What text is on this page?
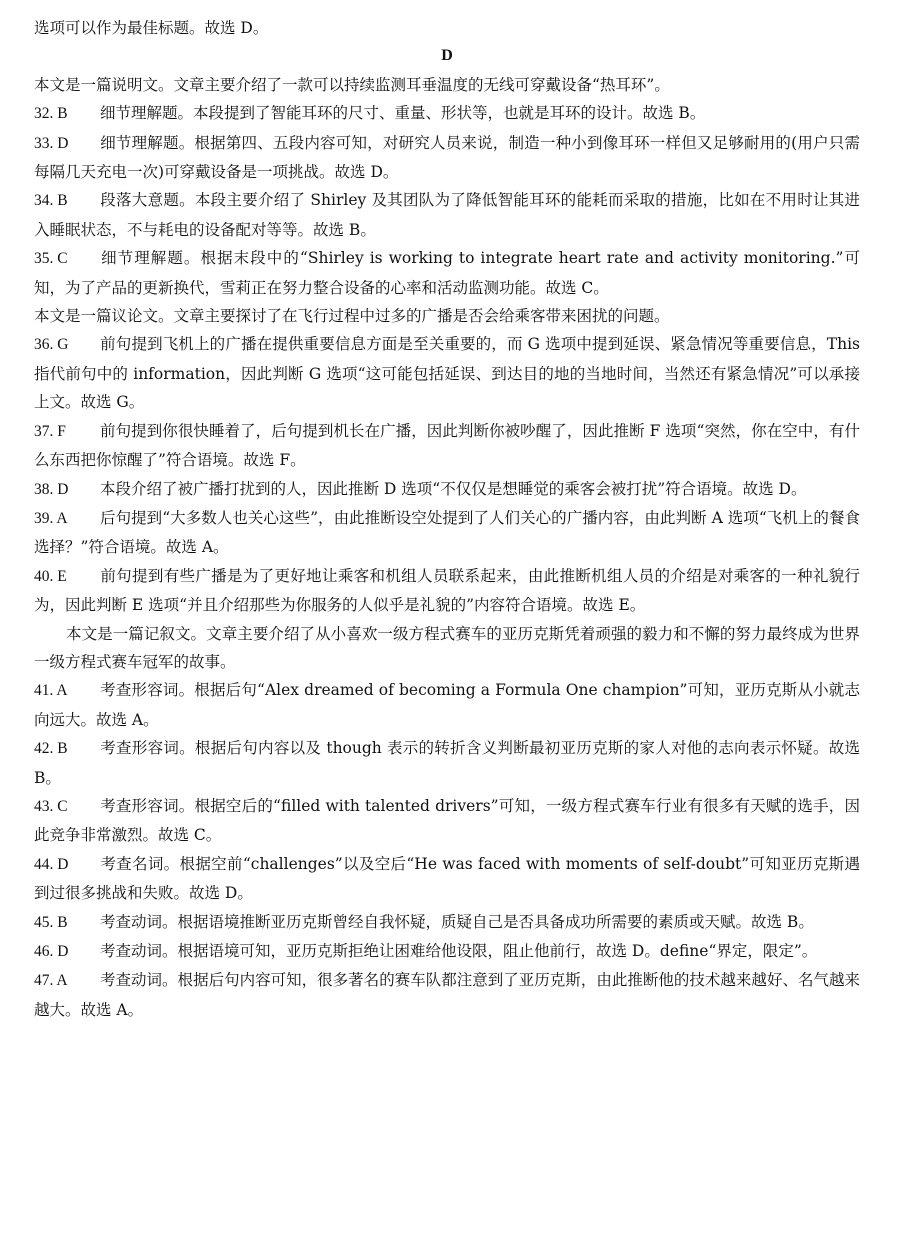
选项可以作为最佳标题。故选 D。

D

本文是一篇说明文。文章主要介绍了一款可以持续监测耳垂温度的无线可穿戴设备“热耳环”。

32. B 细节理解题。本段提到了智能耳环的尺寸、重量、形状等，也就是耳环的设计。故选 B。

33. D 细节理解题。根据第四、五段内容可知，对研究人员来说，制造一种小到像耳环一样但又足够耐用的(用户只需每隔几天充电一次)可穿戴设备是一项挑战。故选 D。

34. B 段落大意题。本段主要介绍了 Shirley 及其团队为了降低智能耳环的能耗而采取的措施，比如在不用时让其进入睡眠状态，不与耗电的设备配对等等。故选 B。

35. C 细节理解题。根据末段中的“Shirley is working to integrate heart rate and activity monitoring.”可知，为了产品的更新换代，雪莉正在努力整合设备的心率和活动监测功能。故选 C。

本文是一篇议论文。文章主要探讨了在飞行过程中过多的广播是否会给乘客带来困扰的问题。

36. G 前句提到飞机上的广播在提供重要信息方面是至关重要的，而 G 选项中提到延误、紧急情况等重要信息，This 指代前句中的 information，因此判断 G 选项“这可能包括延误、到达目的地的当地时间，当然还有紧急情况”可以承接上文。故选 G。

37. F 前句提到你很快睡着了，后句提到机长在广播，因此判断你被吵醒了，因此推断 F 选项“突然，你在空中，有什么东西把你惊醒了”符合语境。故选 F。

38. D 本段介绍了被广播打扰到的人，因此推断 D 选项“不仅仅是想睡觉的乘客会被打扰”符合语境。故选 D。

39. A 后句提到“大多数人也关心这些”，由此推断设空处提到了人们关心的广播内容，由此判断 A 选项“飞机上的餐食选择？”符合语境。故选 A。

40. E 前句提到有些广播是为了更好地让乘客和机组人员联系起来，由此推断机组人员的介绍是对乘客的一种礼貌行为，因此判断 E 选项“并且介绍那些为你服务的人似乎是礼貌的”内容符合语境。故选 E。

本文是一篇记叙文。文章主要介绍了从小喜欢一级方程式赛车的亚历克斯凭着顽强的毅力和不懈的努力最终成为世界一级方程式赛车冠军的故事。

41. A 考查形容词。根据后句“Alex dreamed of becoming a Formula One champion”可知，亚历克斯从小就志向远大。故选 A。

42. B 考查形容词。根据后句内容以及 though 表示的转折含义判断最初亚历克斯的家人对他的志向表示怀疑。故选 B。

43. C 考查形容词。根据空后的“filled with talented drivers”可知，一级方程式赛车行业有很多有天赋的选手，因此竞争非常激烈。故选 C。

44. D 考查名词。根据空前“challenges”以及空后“He was faced with moments of self-doubt”可知亚历克斯遇到过很多挑战和失败。故选 D。

45. B 考查动词。根据语境推断亚历克斯曾经自我怀疑，质疑自己是否具备成功所需要的素质或天赋。故选 B。

46. D 考查动词。根据语境可知，亚历克斯拒绝让困难给他设限，阻止他前行，故选 D。define“界定，限定”。

47. A 考查动词。根据后句内容可知，很多著名的赛车队都注意到了亚历克斯，由此推断他的技术越来越好、名气越来越大。故选 A。
